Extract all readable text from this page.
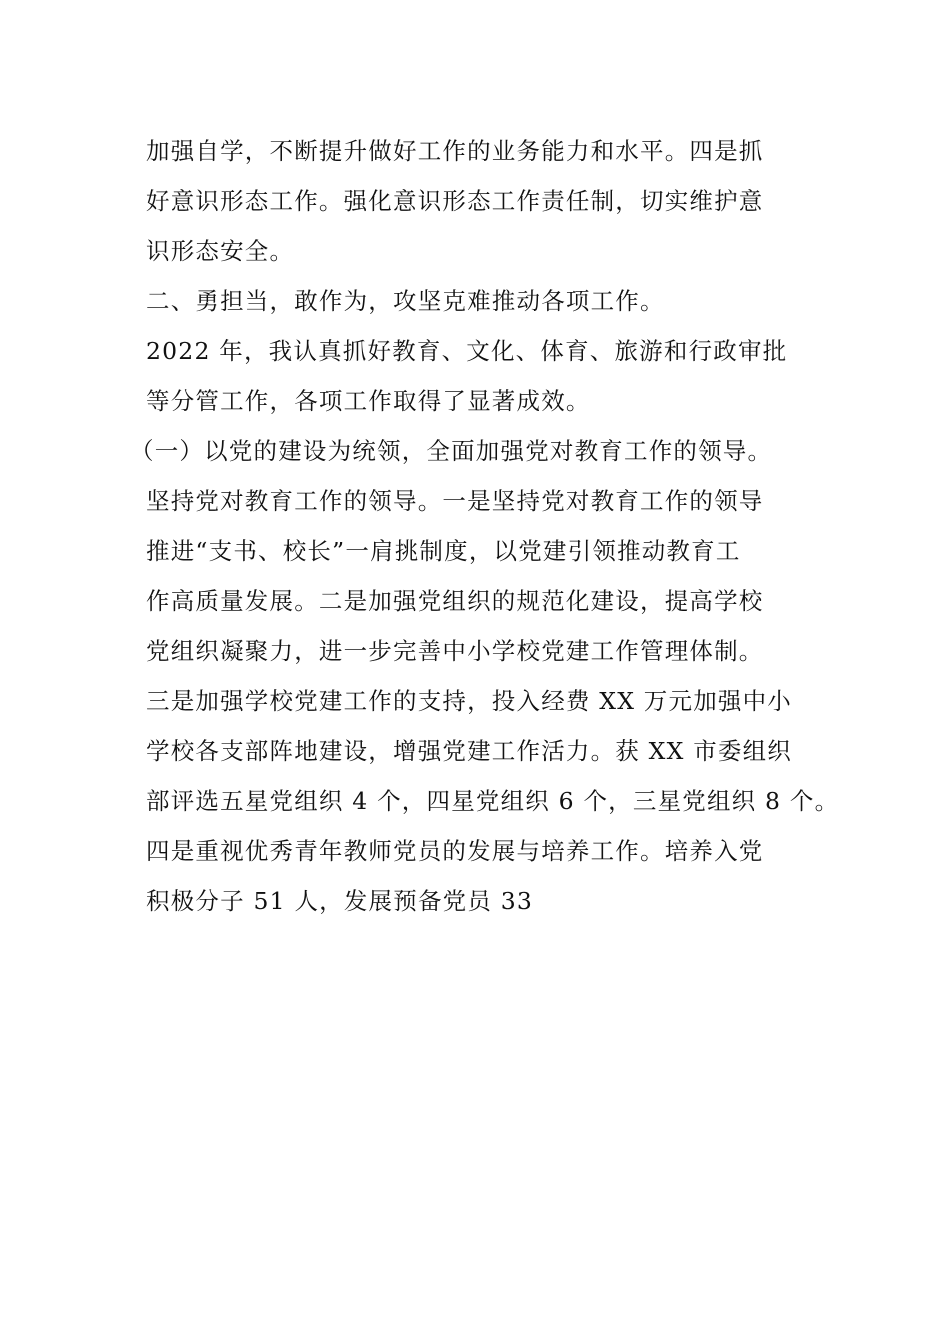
加强自学，不断提升做好工作的业务能力和水平。四是抓
好意识形态工作。强化意识形态工作责任制，切实维护意
识形态安全。
二、勇担当，敢作为，攻坚克难推动各项工作。
2022 年，我认真抓好教育、文化、体育、旅游和行政审批
等分管工作，各项工作取得了显著成效。
（一）以党的建设为统领，全面加强党对教育工作的领导。
坚持党对教育工作的领导。一是坚持党对教育工作的领导
推进“支书、校长”一肩挑制度，以党建引领推动教育工
作高质量发展。二是加强党组织的规范化建设，提高学校
党组织凝聚力，进一步完善中小学校党建工作管理体制。
三是加强学校党建工作的支持，投入经费 XX 万元加强中小
学校各支部阵地建设，增强党建工作活力。获 XX 市委组织
部评选五星党组织 4 个，四星党组织 6 个，三星党组织 8 个。
四是重视优秀青年教师党员的发展与培养工作。培养入党
积极分子 51 人，发展预备党员 33
